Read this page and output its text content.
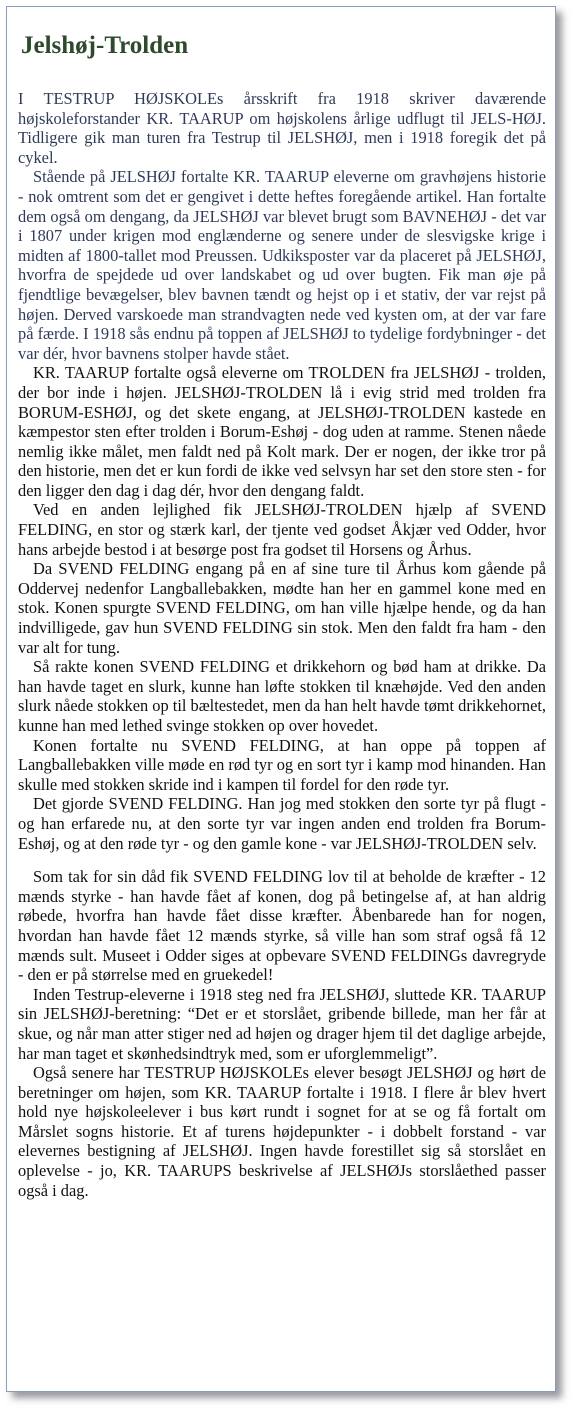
Jelshøj-Trolden

I TESTRUP HØJSKOLEs årsskrift fra 1918 skriver daværende højskoleforstander KR. TAARUP om højskolens årlige udflugt til JELS-HØJ. Tidligere gik man turen fra Testrup til JELSHØJ, men i 1918 foregik det på cykel.

Stående på JELSHØJ fortalte KR. TAARUP eleverne om gravhøjens historie - nok omtrent som det er gengivet i dette heftes foregående artikel. Han fortalte dem også om dengang, da JELSHØJ var blevet brugt som BAVNEHØJ - det var i 1807 under krigen mod englænderne og senere under de slesvigske krige i midten af 1800-tallet mod Preussen. Udkiksposter var da placeret på JELSHØJ, hvorfra de spejdede ud over landskabet og ud over bugten. Fik man øje på fjendtlige bevægelser, blev bavnen tændt og hejst op i et stativ, der var rejst på højen. Derved varskoede man strandvagten nede ved kysten om, at der var fare på færde. I 1918 sås endnu på toppen af JELSHØJ to tydelige fordybninger - det var dér, hvor bavnens stolper havde stået.

KR. TAARUP fortalte også eleverne om TROLDEN fra JELSHØJ - trolden, der bor inde i højen. JELSHØJ-TROLDEN lå i evig strid med trolden fra BORUM-ESHØJ, og det skete engang, at JELSHØJ-TROLDEN kastede en kæmpestor sten efter trolden i Borum-Eshøj - dog uden at ramme. Stenen nåede nemlig ikke målet, men faldt ned på Kolt mark. Der er nogen, der ikke tror på den historie, men det er kun fordi de ikke ved selvsyn har set den store sten - for den ligger den dag i dag dér, hvor den dengang faldt.

Ved en anden lejlighed fik JELSHØJ-TROLDEN hjælp af SVEND FELDING, en stor og stærk karl, der tjente ved godset Åkjær ved Odder, hvor hans arbejde bestod i at besørge post fra godset til Horsens og Århus.

Da SVEND FELDING engang på en af sine ture til Århus kom gående på Oddervej nedenfor Langballebakken, mødte han her en gammel kone med en stok. Konen spurgte SVEND FELDING, om han ville hjælpe hende, og da han indvilligede, gav hun SVEND FELDING sin stok. Men den faldt fra ham - den var alt for tung.

Så rakte konen SVEND FELDING et drikkehorn og bød ham at drikke. Da han havde taget en slurk, kunne han løfte stokken til knæhøjde. Ved den anden slurk nåede stokken op til bæltestedet, men da han helt havde tømt drikkehornet, kunne han med lethed svinge stokken op over hovedet.

Konen fortalte nu SVEND FELDING, at han oppe på toppen af Langballebakken ville møde en rød tyr og en sort tyr i kamp mod hinanden. Han skulle med stokken skride ind i kampen til fordel for den røde tyr.

Det gjorde SVEND FELDING. Han jog med stokken den sorte tyr på flugt - og han erfarede nu, at den sorte tyr var ingen anden end trolden fra Borum-Eshøj, og at den røde tyr - og den gamle kone - var JELSHØJ-TROLDEN selv.

Som tak for sin dåd fik SVEND FELDING lov til at beholde de kræfter - 12 mænds styrke - han havde fået af konen, dog på betingelse af, at han aldrig røbede, hvorfra han havde fået disse kræfter. Åbenbarede han for nogen, hvordan han havde fået 12 mænds styrke, så ville han som straf også få 12 mænds sult. Museet i Odder siges at opbevare SVEND FELDINGs davregryde - den er på størrelse med en gruekedel!

Inden Testrup-eleverne i 1918 steg ned fra JELSHØJ, sluttede KR. TAARUP sin JELSHØJ-beretning: “Det er et storslået, gribende billede, man her får at skue, og når man atter stiger ned ad højen og drager hjem til det daglige arbejde, har man taget et skønhedsindtryk med, som er uforglemmeligt”.

Også senere har TESTRUP HØJSKOLEs elever besøgt JELSHØJ og hørt de beretninger om højen, som KR. TAARUP fortalte i 1918. I flere år blev hvert hold nye højskoleelever i bus kørt rundt i sognet for at se og få fortalt om Mårslet sogns historie. Et af turens højdepunkter - i dobbelt forstand - var elevernes bestigning af JELSHØJ. Ingen havde forestillet sig så storslået en oplevelse - jo, KR. TAARUPS beskrivelse af JELSHØJs storslåethed passer også i dag.
